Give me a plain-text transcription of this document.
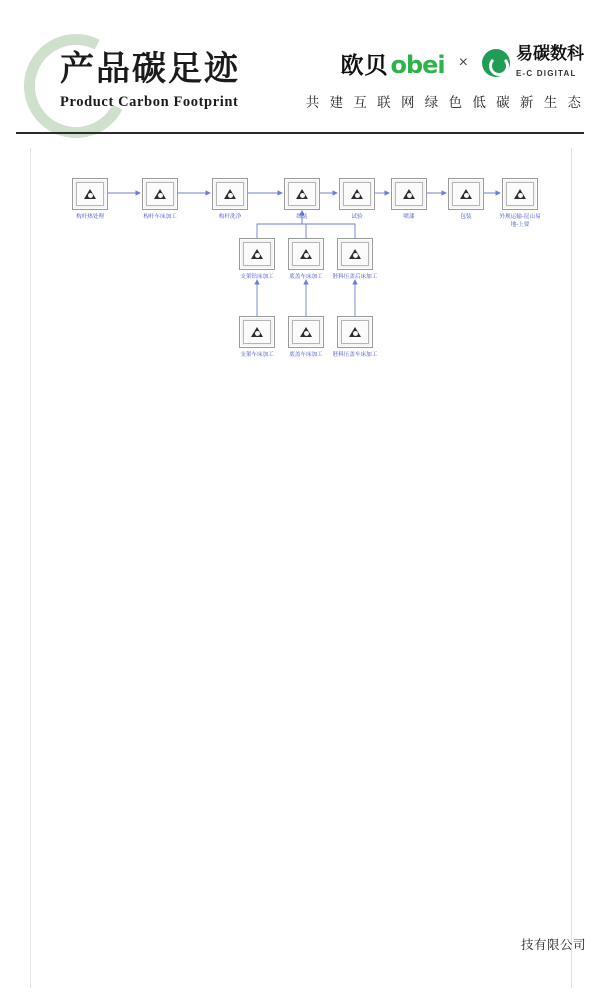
产品碳足迹
Product Carbon Footprint
欧贝 obei ×	易碳数科
E-C DIGITAL
共 建 互 联 网 绿 色 低 碳 新 生 态
构杆热处理	构杆车床加工	构杆洗净	组装	试验	喷漆	包装	外规运输-昆山易地-上要
支架钻床加工	底盖车床加工	胚料压盖后床加工
支架车床加工	底盖车床加工	胚料压盖车床加工
技有限公司
